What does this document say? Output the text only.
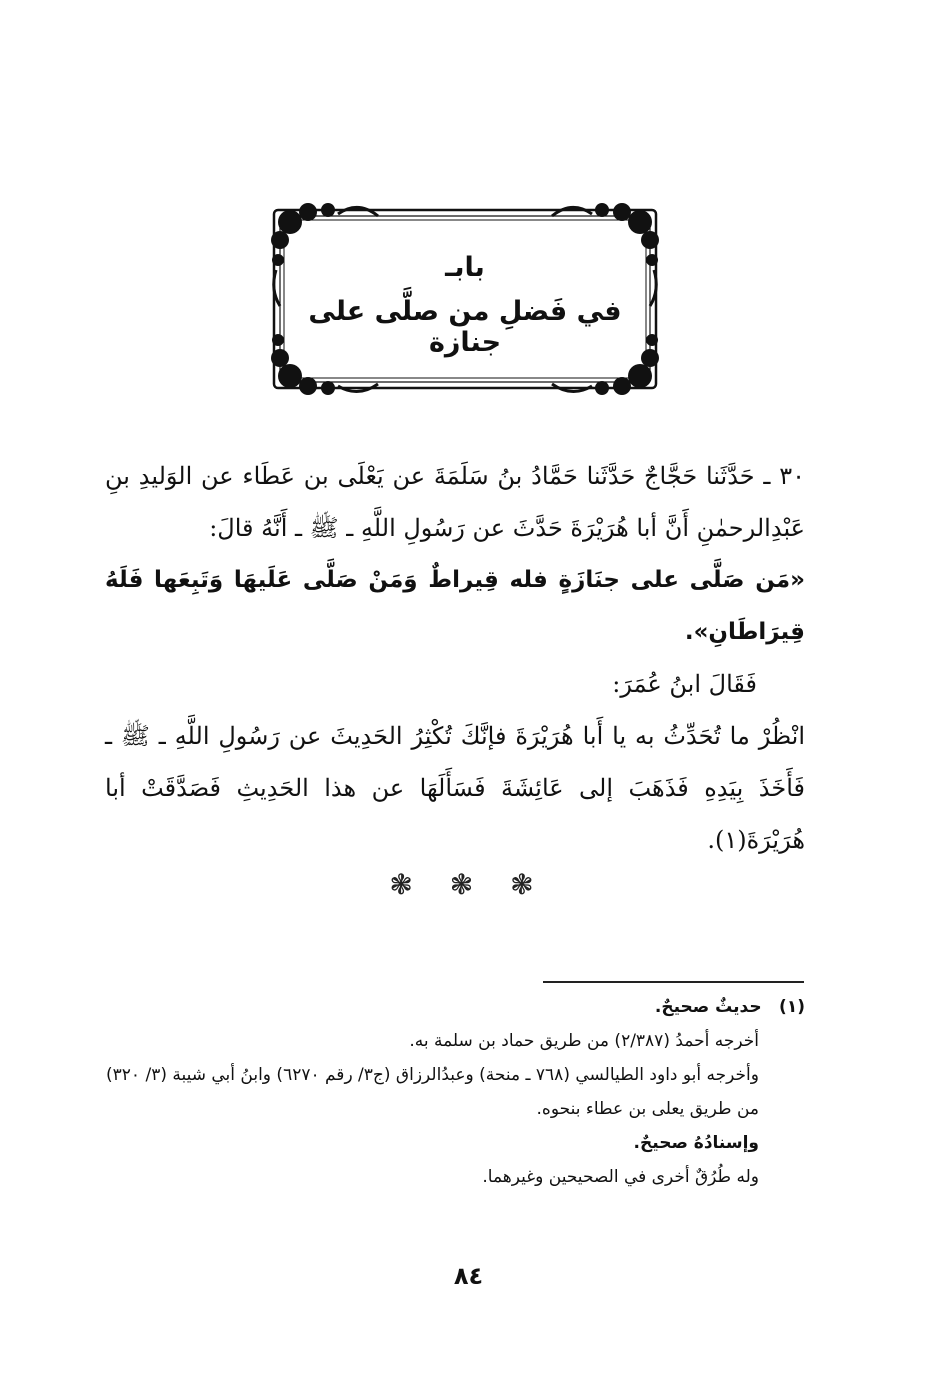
بابـ
في فَضلِ من صلَّى على جنازة
٣٠ ـ حَدَّثَنا حَجَّاجٌ حَدَّثَنا حَمَّادُ بنُ سَلَمَةَ عن يَعْلَى بن عَطَاء عن الوَليدِ بنِ عَبْدِالرحمٰنِ أَنَّ أبا هُرَيْرَةَ حَدَّثَ عن رَسُولِ اللَّهِ ـ ﷺ ـ أَنَّهُ قالَ:
«مَن صَلَّى على جنَازَةٍ فله قِيراطٌ وَمَنْ صَلَّى عَلَيهَا وَتَبِعَها فَلَهُ قِيرَاطَانِ».
فَقَالَ ابنُ عُمَرَ:
انْظُرْ ما تُحَدِّثُ به يا أَبا هُرَيْرَةَ فإنَّكَ تُكْثِرُ الحَدِيثَ عن رَسُولِ اللَّهِ ـ ﷺ ـ فَأَخَذَ بِيَدِهِ فَذَهَبَ إلى عَائِشَةَ فَسَأَلَهَا عن هذا الحَدِيثِ فَصَدَّقَتْ أبا هُرَيْرَةَ(١).
❃ ❃ ❃
(١) حديثٌ صحيحٌ.
أخرجه أحمدُ (٢/٣٨٧) من طريق حماد بن سلمة به.
وأخرجه أبو داود الطيالسي (٧٦٨ ـ منحة) وعبدُالرزاق (ج٣/ رقم ٦٢٧٠) وابنُ أبي شيبة (٣/ ٣٢٠) من طريق يعلى بن عطاء بنحوه.
وإسنادُهُ صحيحٌ.
وله طُرُقٌ أخرى في الصحيحين وغيرهما.
٨٤
